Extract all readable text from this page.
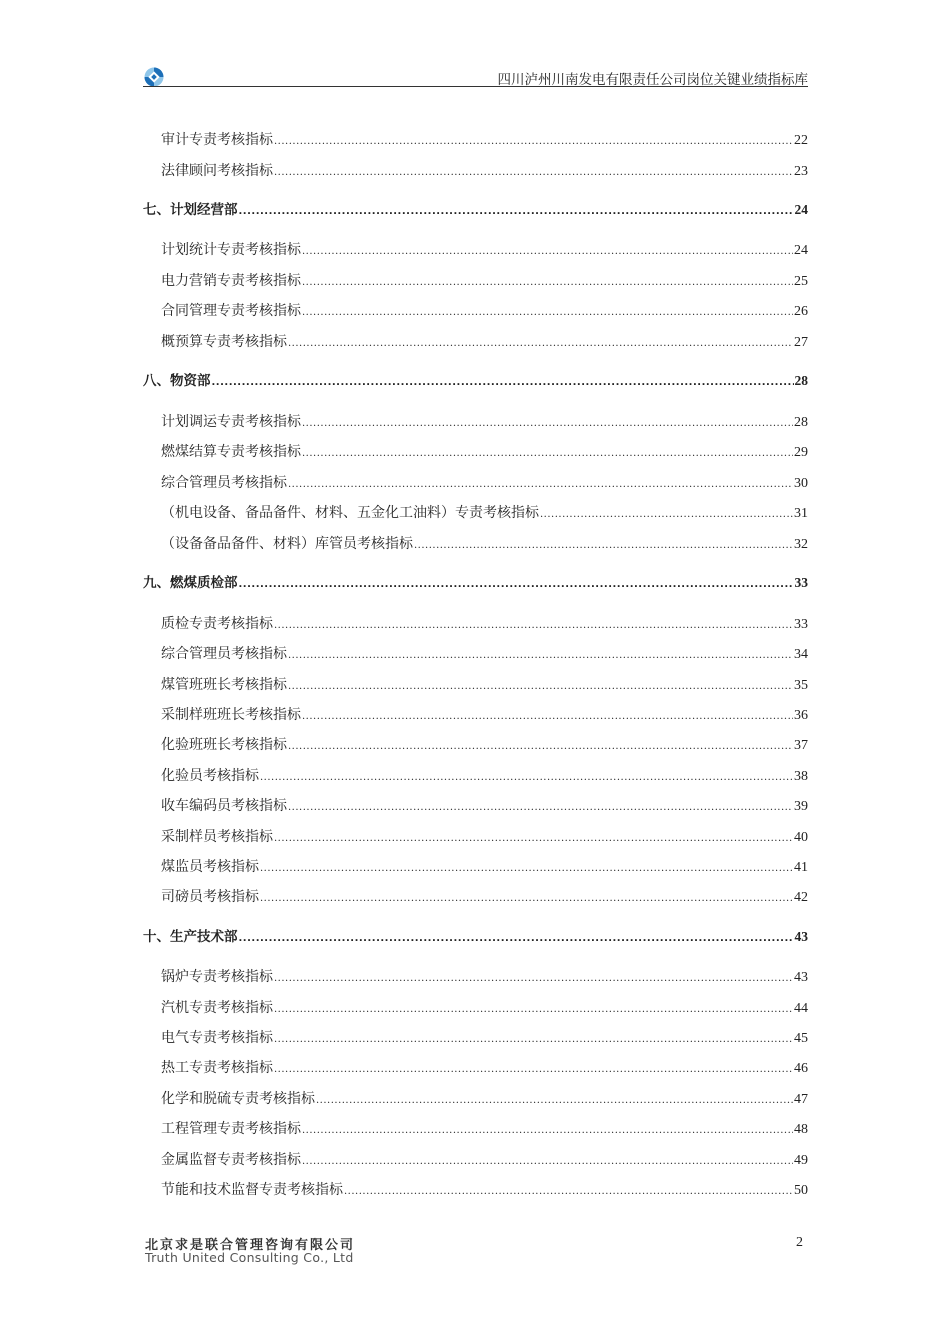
四川泸州川南发电有限责任公司岗位关键业绩指标库
审计专责考核指标 .....	22
法律顾问考核指标 .....	23
七、计划经营部 .....	24
计划统计专责考核指标 .....	24
电力营销专责考核指标 .....	25
合同管理专责考核指标 .....	26
概预算专责考核指标 .....	27
八、物资部 .....	28
计划调运专责考核指标 .....	28
燃煤结算专责考核指标 .....	29
综合管理员考核指标 .....	30
（机电设备、备品备件、材料、五金化工油料）专责考核指标 .....	31
（设备备品备件、材料）库管员考核指标 .....	32
九、燃煤质检部 .....	33
质检专责考核指标 .....	33
综合管理员考核指标 .....	34
煤管班班长考核指标 .....	35
采制样班班长考核指标 .....	36
化验班班长考核指标 .....	37
化验员考核指标 .....	38
收车编码员考核指标 .....	39
采制样员考核指标 .....	40
煤监员考核指标 .....	41
司磅员考核指标 .....	42
十、生产技术部 .....	43
锅炉专责考核指标 .....	43
汽机专责考核指标 .....	44
电气专责考核指标 .....	45
热工专责考核指标 .....	46
化学和脱硫专责考核指标 .....	47
工程管理专责考核指标 .....	48
金属监督专责考核指标 .....	49
节能和技术监督专责考核指标 .....	50
北京求是联合管理咨询有限公司
Truth United Consulting Co., Ltd
2
